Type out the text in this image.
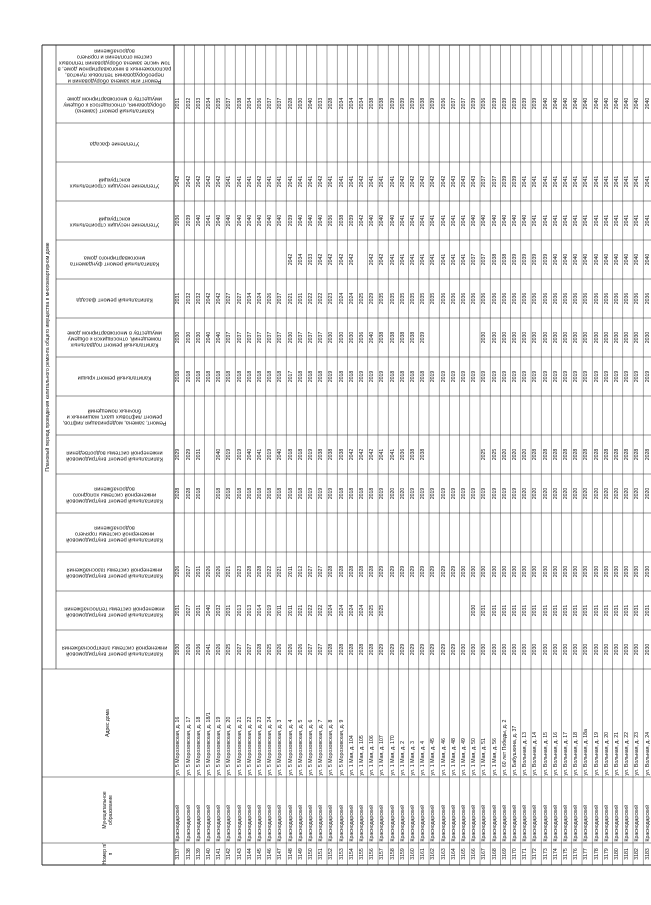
Номер п/п
Муниципальное образование
Адрес дома
Плановый период проведения капитального ремонта общего имущества в многоквартирном доме
Капитальный ремонт внутридомовой инженерной системы электроснабжения
Капитальный ремонт внутридомовой инженерной системы теплоснабжения
Капитальный ремонт внутридомовой инженерной системы газоснабжения
Капитальный ремонт внутридомовой инженерной системы горячего водоснабжения
Капитальный ремонт внутридомовой инженерной системы холодного водоснабжения
Капитальный ремонт внутридомовой инженерной системы водоотведения
Ремонт, замена, модернизация лифтов, ремонт лифтовых шахт, машинных и блочных помещений
Капитальный ремонт крыши
Капитальный ремонт подвальных помещений, относящихся к общему имуществу в многоквартирном доме
Капитальный ремонт фасада
Капитальный ремонт фундамента многоквартирного дома
Утепление несущих строительных конструкций
Утепление несущих строительных конструкций
Утепление фасада
Капитальный ремонт (замена) оборудования, относящегося к общему имуществу в многоквартирном доме
Ремонт или замена оборудования и переоборудования тепловых пунктов, расположенных в многоквартирном доме, в том числе замена оборудования тепловых систем отопления и горячего водоснабжения
3137
Краснодарский
ул. 5 Морозовская, д. 16
2030
2031
2026
2028
2029
2018
2030
2031
2036
2042
2031
3138
Краснодарский
ул. 5 Морозовская, д. 17
2026
2027
2027
2028
2029
2018
2030
2032
2039
2042
2032
3139
Краснодарский
ул. 5 Морозовская, д. 18
2036
2031
2031
2018
2031
2018
2030
2032
2040
2042
2033
3140
Краснодарский
ул. 5 Морозовская, д. 18/1
2041
2040
2026
2018
2040
2042
2041
2042
2034
3141
Краснодарский
ул. 5 Морозовская, д. 19
2026
2032
2026
2018
2040
2018
2040
2042
2040
2042
2035
3142
Краснодарский
ул. 5 Морозовская, д. 20
2025
2031
2021
2018
2019
2018
2037
2027
2040
2041
2037
3143
Краснодарский
ул. 5 Морозовская, д. 21
2027
2013
2023
2018
2019
2018
2037
2027
2040
2041
2038
3144
Краснодарский
ул. 5 Морозовская, д. 22
2027
2013
2028
2018
2040
2018
2037
2034
2040
2041
2034
3145
Краснодарский
ул. 5 Морозовская, д. 23
2028
2014
2028
2018
2041
2018
2037
2024
2040
2042
2036
3146
Краснодарский
ул. 5 Морозовская, д. 24
2025
2019
2022
2018
2019
2018
2037
2026
2040
2041
2037
3147
Краснодарский
ул. 5 Морозовская, д. 3
2026
2011
2021
2018
2040
2018
2037
2037
2040
2041
2037
3148
Краснодарский
ул. 5 Морозовская, д. 4
2026
2011
2011
2018
2018
2017
2030
2021
2042
2039
2041
2028
3149
Краснодарский
ул. 5 Морозовская, д. 5
2026
2021
2012
2018
2018
2018
2037
2031
2034
2040
2041
2030
3150
Краснодарский
ул. 5 Морозовская, д. 6
2027
2022
2027
2019
2019
2018
2037
2022
2033
2040
2041
2040
3151
Краснодарский
ул. 5 Морозовская, д. 7
2027
2022
2027
2019
2038
2018
2037
2022
2042
2040
2042
2033
3152
Краснодарский
ул. 5 Морозовская, д. 8
2028
2024
2028
2019
2038
2019
2030
2023
2042
2036
2041
2028
3153
Краснодарский
ул. 5 Морозовская, д. 9
2028
2024
2028
2018
2038
2018
2030
2024
2042
2038
2041
2034
3154
Краснодарский
ул. 1 Мая, д. 104
2028
2024
2028
2018
2042
2018
2030
2024
2042
2039
2041
2034
3155
Краснодарский
ул. 1 Мая, д. 105
2028
2024
2028
2018
2042
2019
2036
2025
2042
2042
2034
3156
Краснодарский
ул. 1 Мая, д. 106
2028
2025
2028
2018
2042
2019
2040
2029
2042
2040
2041
2038
3157
Краснодарский
ул. 1 Мая, д. 107
2029
2025
2029
2019
2041
2019
2038
2035
2042
2040
2041
2038
3158
Краснодарский
ул. 1 Мая, д. 170
2029
2029
2020
2041
2018
2038
2035
2041
2040
2041
2039
3159
Краснодарский
ул. 1 Мая, д. 2
2029
2029
2020
2036
2018
2038
2035
2041
2041
2042
2039
3160
Краснодарский
ул. 1 Мая, д. 3
2029
2029
2019
2038
2018
2038
2035
2041
2041
2042
2039
3161
Краснодарский
ул. 1 Мая, д. 4
2029
2029
2019
2038
2018
2039
2035
2041
2041
2042
2038
3162
Краснодарский
ул. 1 Мая, д. 45
2029
2029
2019
2019
2035
2041
2041
2042
2039
3163
Краснодарский
ул. 1 Мая, д. 46
2029
2029
2019
2019
2036
2041
2041
2042
2036
3164
Краснодарский
ул. 1 Мая, д. 48
2029
2029
2019
2019
2036
2041
2041
2043
2037
3165
Краснодарский
ул. 1 Мая, д. 49
2030
2030
2019
2019
2036
2041
2041
2043
2037
3166
Краснодарский
ул. 1 Мая, д. 50
2030
2030
2030
2019
2019
2036
2037
2040
2043
2039
3167
Краснодарский
ул. 1 Мая, д. 51
2030
2031
2030
2019
2025
2019
2030
2036
2037
2040
2037
2036
3168
Краснодарский
ул. 1 Мая, д. 56
2030
2031
2030
2019
2025
2019
2030
2036
2038
2040
2037
2039
3169
Краснодарский
ул. 60 лет Победы, д. 2
2030
2031
2030
2019
2020
2019
2030
2036
2038
2040
2039
2039
3170
Краснодарский
ул. Бабушкина, д. 37
2030
2031
2030
2019
2020
2019
2030
2036
2039
2040
2039
2039
3171
Краснодарский
ул. Вольная, д. 13
2030
2031
2030
2020
2020
2019
2030
2036
2039
2040
2041
2039
3172
Краснодарский
ул. Вольная, д. 14
2030
2031
2030
2020
2028
2019
2030
2036
2039
2041
2041
2039
3173
Краснодарский
ул. Вольная, д. 15
2030
2031
2030
2020
2028
2019
2030
2036
2039
2041
2041
2040
3174
Краснодарский
ул. Вольная, д. 16
2030
2031
2030
2020
2028
2019
2030
2036
2040
2041
2041
2040
3175
Краснодарский
ул. Вольная, д. 17
2030
2031
2030
2020
2028
2019
2030
2036
2040
2041
2041
2040
3176
Краснодарский
ул. Вольная, д. 18
2030
2031
2030
2020
2028
2019
2030
2036
2040
2041
2041
2040
3177
Краснодарский
ул. Вольная, д. 18а
2030
2031
2030
2020
2028
2019
2030
2036
2040
2041
2041
2040
3178
Краснодарский
ул. Вольная, д. 19
2030
2031
2030
2020
2028
2019
2030
2036
2040
2041
2041
2040
3179
Краснодарский
ул. Вольная, д. 20
2030
2031
2030
2020
2028
2019
2030
2036
2040
2041
2041
2040
3180
Краснодарский
ул. Вольная, д. 21
2030
2031
2030
2020
2028
2019
2030
2036
2040
2041
2041
2040
3181
Краснодарский
ул. Вольная, д. 22
2030
2031
2030
2020
2028
2019
2030
2036
2040
2041
2041
2040
3182
Краснодарский
ул. Вольная, д. 23
2030
2031
2030
2020
2028
2019
2030
2036
2040
2041
2041
2040
3183
Краснодарский
ул. Вольная, д. 24
2030
2031
2030
2020
2028
2019
2030
2036
2040
2041
2041
2040
